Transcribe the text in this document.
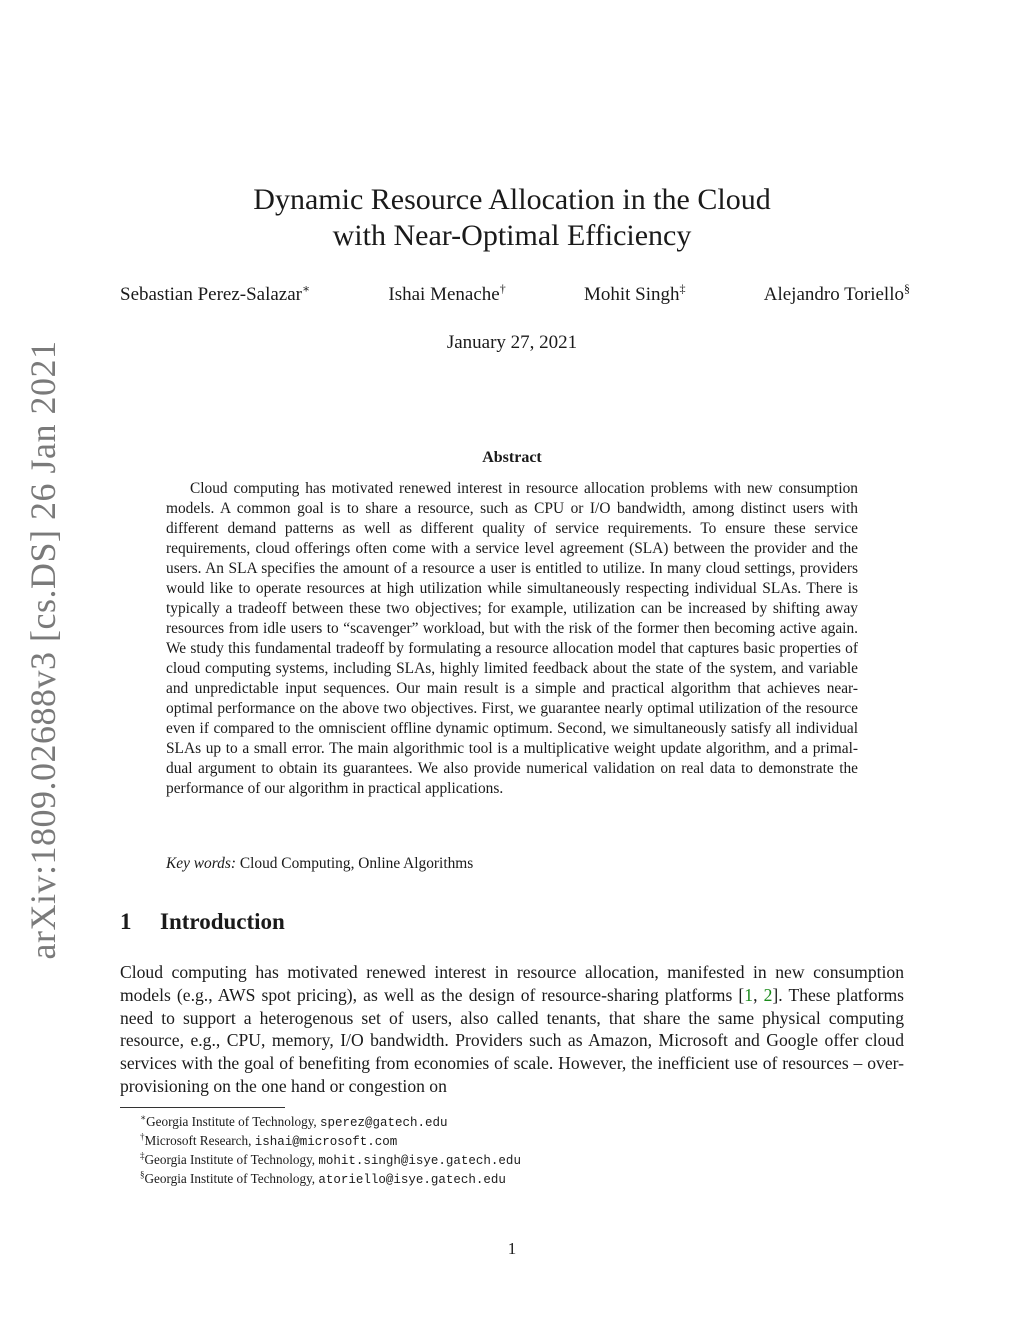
arXiv:1809.02688v3 [cs.DS] 26 Jan 2021
Dynamic Resource Allocation in the Cloud
with Near-Optimal Efficiency
Sebastian Perez-Salazar∗	Ishai Menache†	Mohit Singh‡	Alejandro Toriello§
January 27, 2021
Abstract
Cloud computing has motivated renewed interest in resource allocation problems with new consumption models. A common goal is to share a resource, such as CPU or I/O bandwidth, among distinct users with different demand patterns as well as different quality of service requirements. To ensure these service requirements, cloud offerings often come with a service level agreement (SLA) between the provider and the users. An SLA specifies the amount of a resource a user is entitled to utilize. In many cloud settings, providers would like to operate resources at high utilization while simultaneously respecting individual SLAs. There is typically a tradeoff between these two objectives; for example, utilization can be increased by shifting away resources from idle users to “scavenger” workload, but with the risk of the former then becoming active again. We study this fundamental tradeoff by formulating a resource allocation model that captures basic properties of cloud computing systems, including SLAs, highly limited feedback about the state of the system, and variable and unpredictable input sequences. Our main result is a simple and practical algorithm that achieves near-optimal performance on the above two objectives. First, we guarantee nearly optimal utilization of the resource even if compared to the omniscient offline dynamic optimum. Second, we simultaneously satisfy all individual SLAs up to a small error. The main algorithmic tool is a multiplicative weight update algorithm, and a primal-dual argument to obtain its guarantees. We also provide numerical validation on real data to demonstrate the performance of our algorithm in practical applications.
Key words: Cloud Computing, Online Algorithms
1 Introduction
Cloud computing has motivated renewed interest in resource allocation, manifested in new consumption models (e.g., AWS spot pricing), as well as the design of resource-sharing platforms [1, 2]. These platforms need to support a heterogenous set of users, also called tenants, that share the same physical computing resource, e.g., CPU, memory, I/O bandwidth. Providers such as Amazon, Microsoft and Google offer cloud services with the goal of benefiting from economies of scale. However, the inefficient use of resources – over-provisioning on the one hand or congestion on
∗Georgia Institute of Technology, sperez@gatech.edu
†Microsoft Research, ishai@microsoft.com
‡Georgia Institute of Technology, mohit.singh@isye.gatech.edu
§Georgia Institute of Technology, atoriello@isye.gatech.edu
1
